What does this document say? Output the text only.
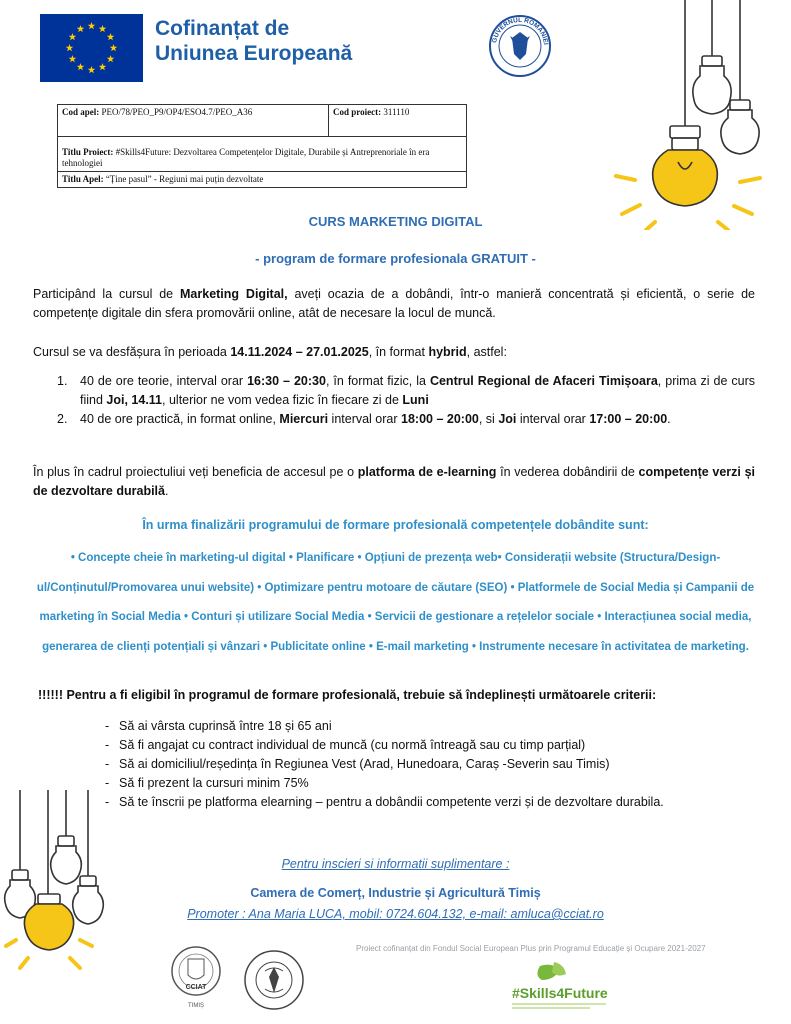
Cofinanțat de
Uniunea Europeană
GUVERNUL ROMÂNIEI
Cod apel: PEO/78/PEO_P9/OP4/ESO4.7/PEO_A36	Cod proiect: 311110
Titlu Proiect: #Skills4Future: Dezvoltarea Competențelor Digitale, Durabile și Antreprenoriale în era tehnologiei
Titlu Apel: “Ține pasul” - Regiuni mai puțin dezvoltate
CURS MARKETING DIGITAL
- program de formare profesionala GRATUIT -
Participând la cursul de Marketing Digital, aveți ocazia de a dobândi, într-o manieră concentrată și eficientă, o serie de competențe digitale din sfera promovării online, atât de necesare la locul de muncă.
Cursul se va desfășura în perioada 14.11.2024 – 27.01.2025, în format hybrid, astfel:
1. 40 de ore teorie, interval orar 16:30 – 20:30, în format fizic, la Centrul Regional de Afaceri Timișoara, prima zi de curs fiind Joi, 14.11, ulterior ne vom vedea fizic în fiecare zi de Luni
2. 40 de ore practică, in format online, Miercuri interval orar 18:00 – 20:00, si Joi interval orar 17:00 – 20:00.
În plus în cadrul proiectuliui veți beneficia de accesul pe o platforma de e-learning în vederea dobândirii de competențe verzi și de dezvoltare durabilă.
În urma finalizării programului de formare profesională competențele dobândite sunt:
• Concepte cheie în marketing-ul digital • Planificare • Opțiuni de prezența web• Considerații website (Structura/Design-ul/Conținutul/Promovarea unui website) • Optimizare pentru motoare de căutare (SEO) • Platformele de Social Media și Campanii de marketing în Social Media • Conturi și utilizare Social Media • Servicii de gestionare a rețelelor sociale • Interacțiunea social media, generarea de clienți potențiali și vânzari • Publicitate online • E-mail marketing • Instrumente necesare în activitatea de marketing.
!!!!!! Pentru a fi eligibil în programul de formare profesională, trebuie să îndeplinești următoarele criterii:
- Să ai vârsta cuprinsă între 18 și 65 ani
- Să fi angajat cu contract individual de muncă (cu normă întreagă sau cu timp parțial)
- Să ai domiciliul/reședința în Regiunea Vest (Arad, Hunedoara, Caraș -Severin sau Timis)
- Să fi prezent la cursuri minim 75%
- Să te înscrii pe platforma elearning – pentru a dobândii competente verzi și de dezvoltare durabila.
Pentru inscieri si informatii suplimentare :
Camera de Comerț, Industrie și Agricultură Timiș
Promoter : Ana Maria LUCA, mobil: 0724.604.132, e-mail: amluca@cciat.ro
Proiect cofinanțat din Fondul Social European Plus prin Programul Educație și Ocupare 2021-2027
CCIAT
TIMIȘ
#Skills4Future
